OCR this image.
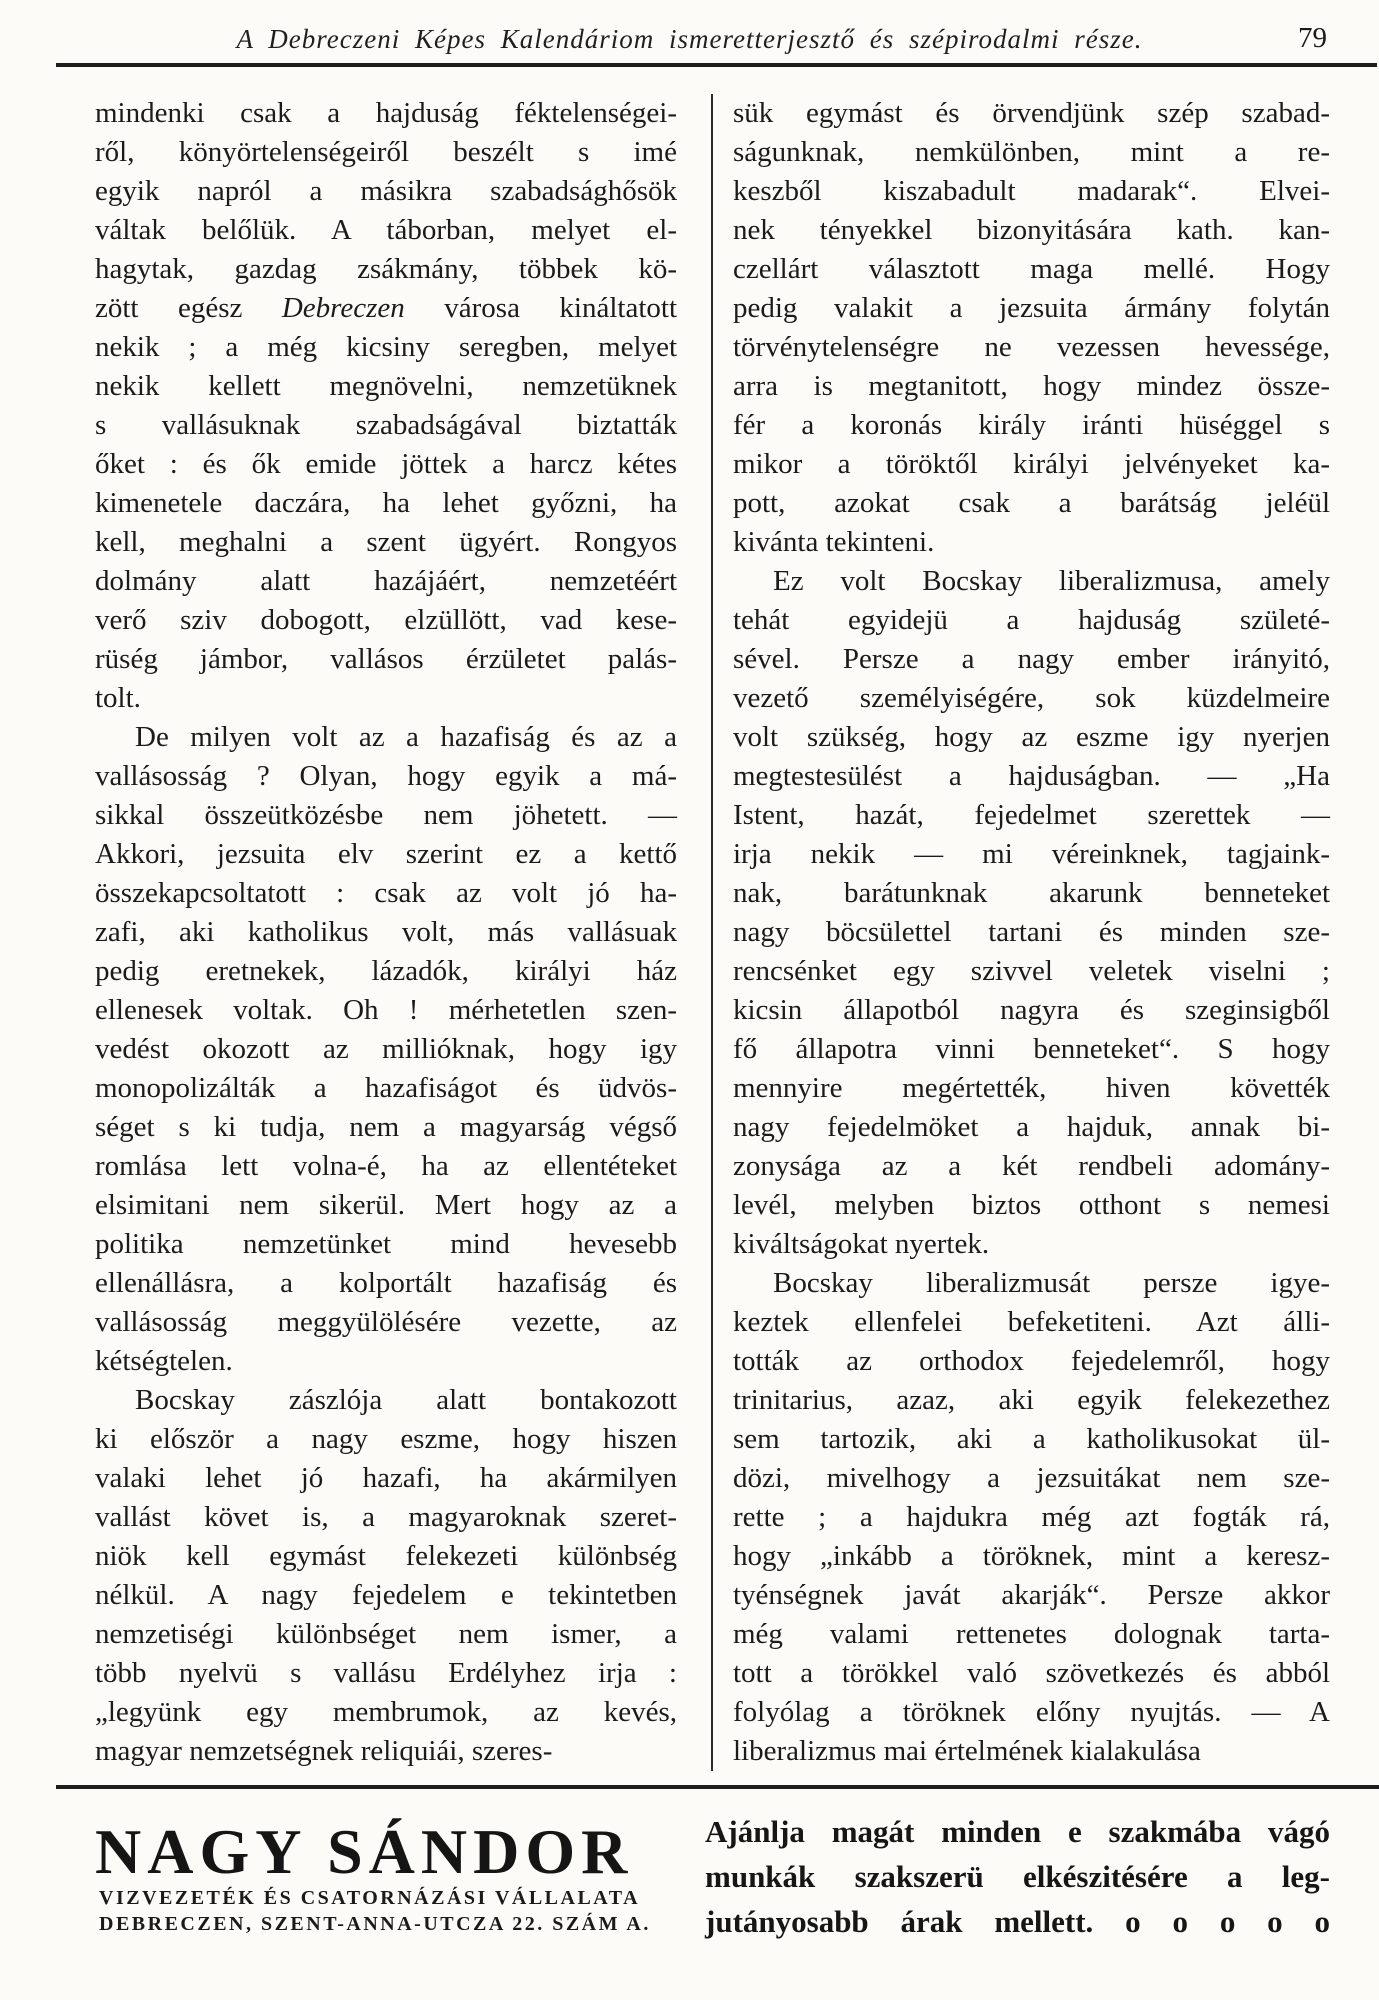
A Debreczeni Képes Kalendáriom ismeretterjesztő és szépirodalmi része.	79
mindenki csak a hajduság féktelenségei-
ről, könyörtelenségeiről beszélt s imé
egyik napról a másikra szabadsághősök
váltak belőlük. A táborban, melyet el-
hagytak, gazdag zsákmány, többek kö-
zött egész Debreczen városa kináltatott
nekik ; a még kicsiny seregben, melyet
nekik kellett megnövelni, nemzetüknek
s vallásuknak szabadságával biztatták
őket : és ők emide jöttek a harcz kétes
kimenetele daczára, ha lehet győzni, ha
kell, meghalni a szent ügyért. Rongyos
dolmány alatt hazájáért, nemzetéért
verő sziv dobogott, elzüllött, vad kese-
rüség jámbor, vallásos érzületet palás-
tolt.
De milyen volt az a hazafiság és az a
vallásosság ? Olyan, hogy egyik a má-
sikkal összeütközésbe nem jöhetett. —
Akkori, jezsuita elv szerint ez a kettő
összekapcsoltatott : csak az volt jó ha-
zafi, aki katholikus volt, más vallásuak
pedig eretnekek, lázadók, királyi ház
ellenesek voltak. Oh ! mérhetetlen szen-
vedést okozott az millióknak, hogy igy
monopolizálták a hazafiságot és üdvös-
séget s ki tudja, nem a magyarság végső
romlása lett volna-é, ha az ellentéteket
elsimitani nem sikerül. Mert hogy az a
politika nemzetünket mind hevesebb
ellenállásra, a kolportált hazafiság és
vallásosság meggyülölésére vezette, az
kétségtelen.
Bocskay zászlója alatt bontakozott
ki először a nagy eszme, hogy hiszen
valaki lehet jó hazafi, ha akármilyen
vallást követ is, a magyaroknak szeret-
niök kell egymást felekezeti különbség
nélkül. A nagy fejedelem e tekintetben
nemzetiségi különbséget nem ismer, a
több nyelvü s vallásu Erdélyhez irja :
„legyünk egy membrumok, az kevés,
magyar nemzetségnek reliquiái, szeres-
sük egymást és örvendjünk szép szabad-
ságunknak, nemkülönben, mint a re-
keszből kiszabadult madarak“. Elvei-
nek tényekkel bizonyitására kath. kan-
czellárt választott maga mellé. Hogy
pedig valakit a jezsuita ármány folytán
törvénytelenségre ne vezessen hevessége,
arra is megtanitott, hogy mindez össze-
fér a koronás király iránti hüséggel s
mikor a töröktől királyi jelvényeket ka-
pott, azokat csak a barátság jeléül
kivánta tekinteni.
Ez volt Bocskay liberalizmusa, amely
tehát egyidejü a hajduság születé-
sével. Persze a nagy ember irányitó,
vezető személyiségére, sok küzdelmeire
volt szükség, hogy az eszme igy nyerjen
megtestesülést a hajduságban. — „Ha
Istent, hazát, fejedelmet szerettek —
irja nekik — mi véreinknek, tagjaink-
nak, barátunknak akarunk benneteket
nagy böcsülettel tartani és minden sze-
rencsénket egy szivvel veletek viselni ;
kicsin állapotból nagyra és szeginsigből
fő állapotra vinni benneteket“. S hogy
mennyire megértették, hiven követték
nagy fejedelmöket a hajduk, annak bi-
zonysága az a két rendbeli adomány-
levél, melyben biztos otthont s nemesi
kiváltságokat nyertek.
Bocskay liberalizmusát persze igye-
keztek ellenfelei befeketiteni. Azt álli-
tották az orthodox fejedelemről, hogy
trinitarius, azaz, aki egyik felekezethez
sem tartozik, aki a katholikusokat ül-
dözi, mivelhogy a jezsuitákat nem sze-
rette ; a hajdukra még azt fogták rá,
hogy „inkább a töröknek, mint a keresz-
tyénségnek javát akarják“. Persze akkor
még valami rettenetes dolognak tarta-
tott a törökkel való szövetkezés és abból
folyólag a töröknek előny nyujtás. — A
liberalizmus mai értelmének kialakulása
NAGY SÁNDOR
VIZVEZETÉK ÉS CSATORNÁZÁSI VÁLLALATA
DEBRECZEN, SZENT-ANNA-UTCZA 22. SZÁM A.
Ajánlja magát minden e szakmába vágó
munkák szakszerü elkészitésére a leg-
jutányosabb árak mellett. o o o o o
